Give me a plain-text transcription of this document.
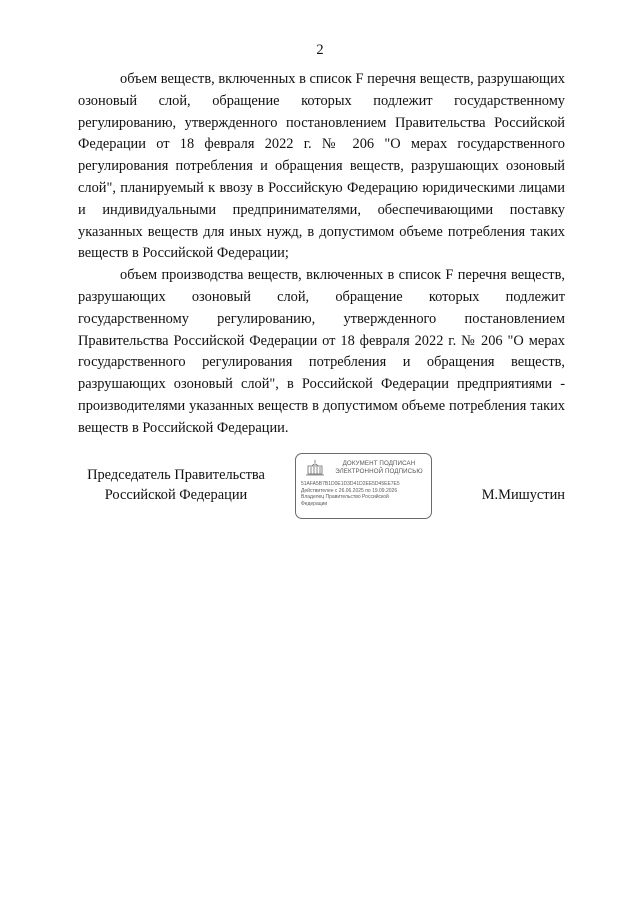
2

объем веществ, включенных в список F перечня веществ, разрушающих озоновый слой, обращение которых подлежит государственному регулированию, утвержденного постановлением Правительства Российской Федерации от 18 февраля 2022 г. № 206 "О мерах государственного регулирования потребления и обращения веществ, разрушающих озоновый слой", планируемый к ввозу в Российскую Федерацию юридическими лицами и индивидуальными предпринимателями, обеспечивающими поставку указанных веществ для иных нужд, в допустимом объеме потребления таких веществ в Российской Федерации;

объем производства веществ, включенных в список F перечня веществ, разрушающих озоновый слой, обращение которых подлежит государственному регулированию, утвержденного постановлением Правительства Российской Федерации от 18 февраля 2022 г. № 206 "О мерах государственного регулирования потребления и обращения веществ, разрушающих озоновый слой", в Российской Федерации предприятиями - производителями указанных веществ в допустимом объеме потребления таких веществ в Российской Федерации.

Председатель Правительства
Российской Федерации
ДОКУМЕНТ ПОДПИСАН
ЭЛЕКТРОННОЙ ПОДПИСЬЮ
51AFA5B7B1D0E1D3D41D2EE5D45EE7E5
Действителен с 26.06.2025 по 19.09.2026
Владелец Правительство Российской
Федерации
М.Мишустин
